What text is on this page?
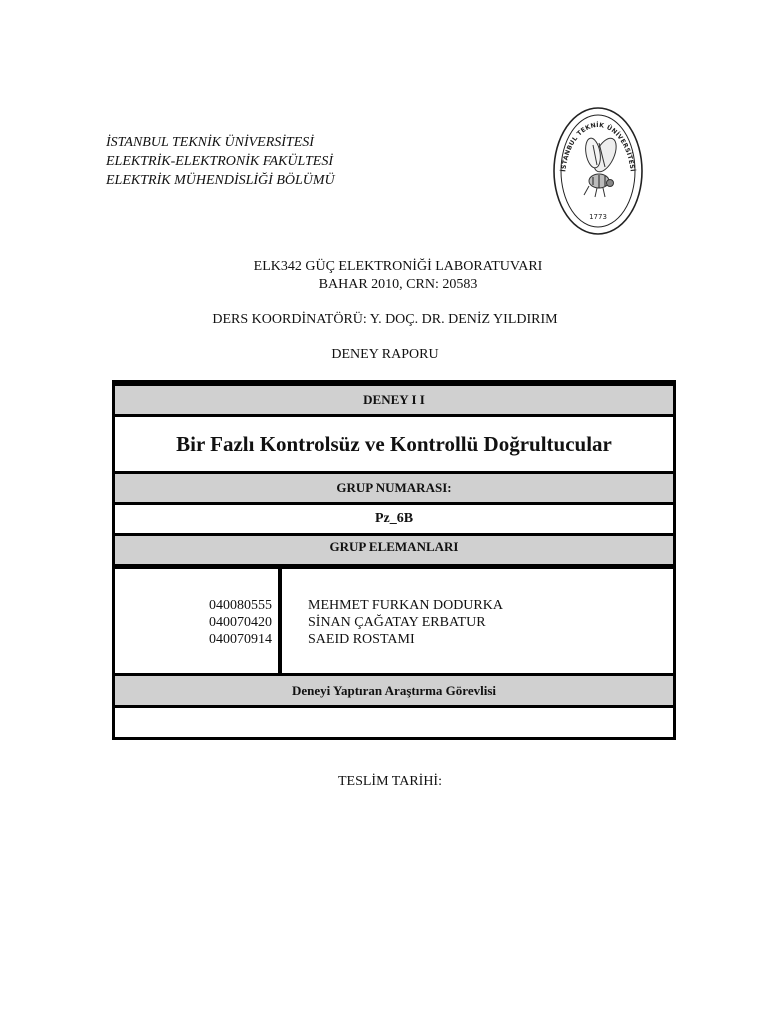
İSTANBUL TEKNİK ÜNİVERSİTESİ
ELEKTRİK-ELEKTRONİK FAKÜLTESİ
ELEKTRİK MÜHENDİSLİĞİ BÖLÜMÜ
İSTANBUL TEKNİK ÜNİVERSİTESİ
1773
ELK342 GÜÇ ELEKTRONİĞİ LABORATUVARI
BAHAR 2010, CRN: 20583
DERS KOORDİNATÖRÜ: Y. DOÇ. DR. DENİZ YILDIRIM
DENEY RAPORU
DENEY I I
Bir Fazlı Kontrolsüz ve Kontrollü Doğrultucular
GRUP NUMARASI:
Pz_6B
GRUP ELEMANLARI
040080555
040070420
040070914
MEHMET FURKAN DODURKA
SİNAN ÇAĞATAY ERBATUR
SAEID ROSTAMI
Deneyi Yaptıran Araştırma Görevlisi
TESLİM TARİHİ:
